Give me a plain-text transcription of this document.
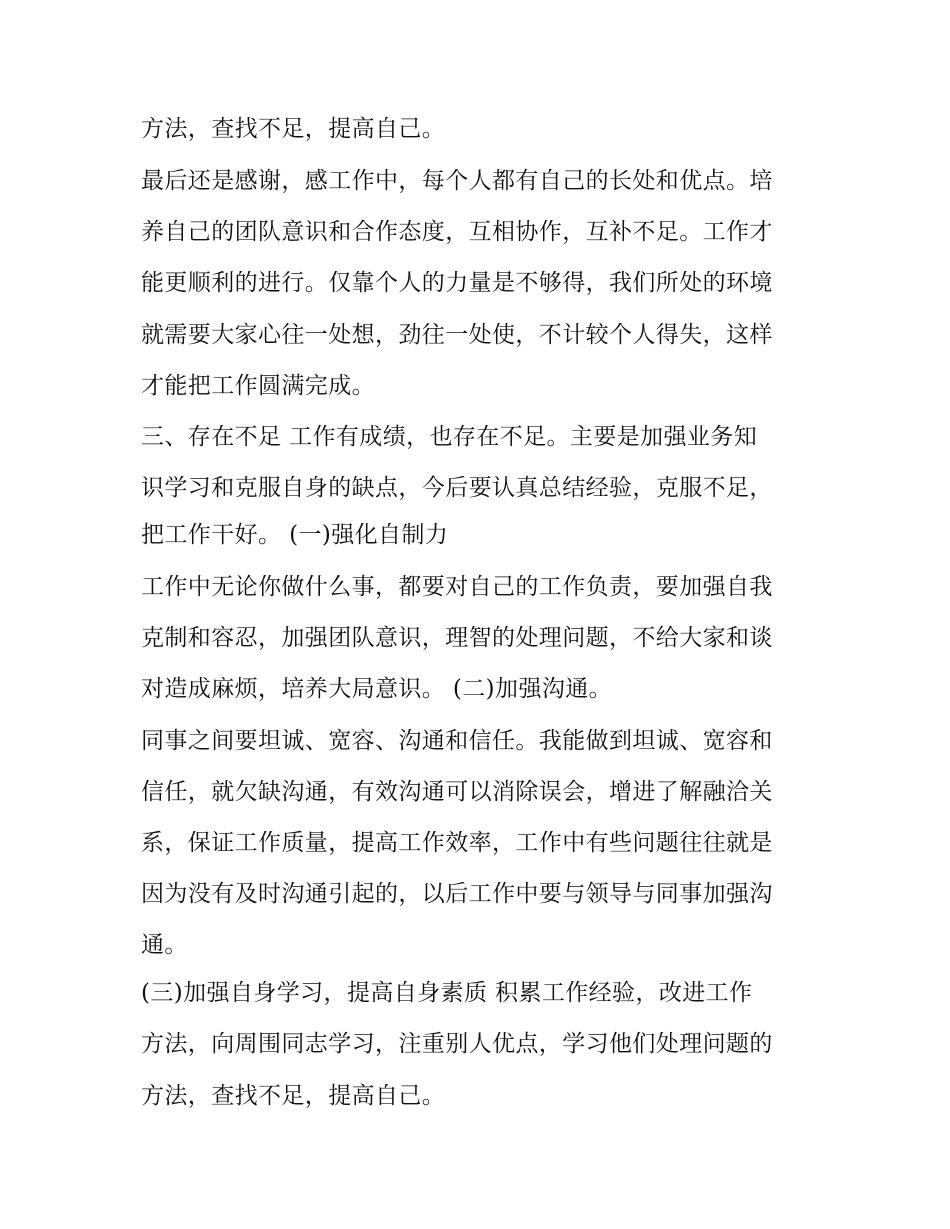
方法，查找不足，提高自己。
最后还是感谢，感工作中，每个人都有自己的长处和优点。培
养自己的团队意识和合作态度，互相协作，互补不足。工作才
能更顺利的进行。仅靠个人的力量是不够得，我们所处的环境
就需要大家心往一处想，劲往一处使，不计较个人得失，这样
才能把工作圆满完成。
三、存在不足 工作有成绩，也存在不足。主要是加强业务知
识学习和克服自身的缺点，今后要认真总结经验，克服不足，
把工作干好。 (一)强化自制力
工作中无论你做什么事，都要对自己的工作负责，要加强自我
克制和容忍，加强团队意识，理智的处理问题，不给大家和谈
对造成麻烦，培养大局意识。 (二)加强沟通。
同事之间要坦诚、宽容、沟通和信任。我能做到坦诚、宽容和
信任，就欠缺沟通，有效沟通可以消除误会，增进了解融洽关
系，保证工作质量，提高工作效率，工作中有些问题往往就是
因为没有及时沟通引起的，以后工作中要与领导与同事加强沟
通。
(三)加强自身学习，提高自身素质 积累工作经验，改进工作
方法，向周围同志学习，注重别人优点，学习他们处理问题的
方法，查找不足，提高自己。
